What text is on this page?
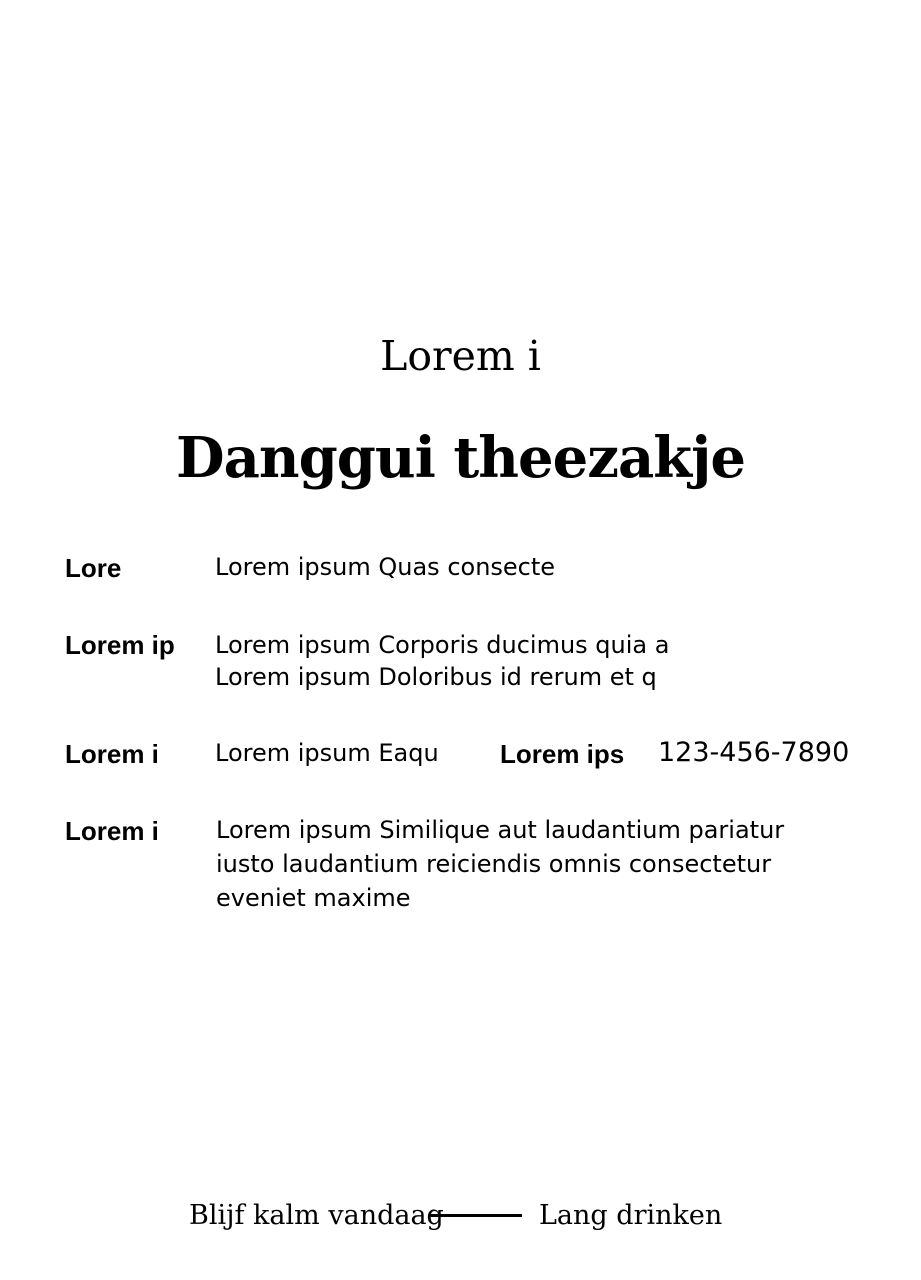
Lorem i
Danggui theezakje
Lore	Lorem ipsum Quas consecte
Lorem ip Lorem ipsum Corporis ducimus quia a
Lorem ipsum Doloribus id rerum et q
Lorem i Lorem ipsum Eaqu Lorem ips 123-456-7890
Lorem i Lorem ipsum Similique aut laudantium pariatur iusto laudantium reiciendis omnis consectetur eveniet maxime
Blijf kalm vandaag	Lang drinken
